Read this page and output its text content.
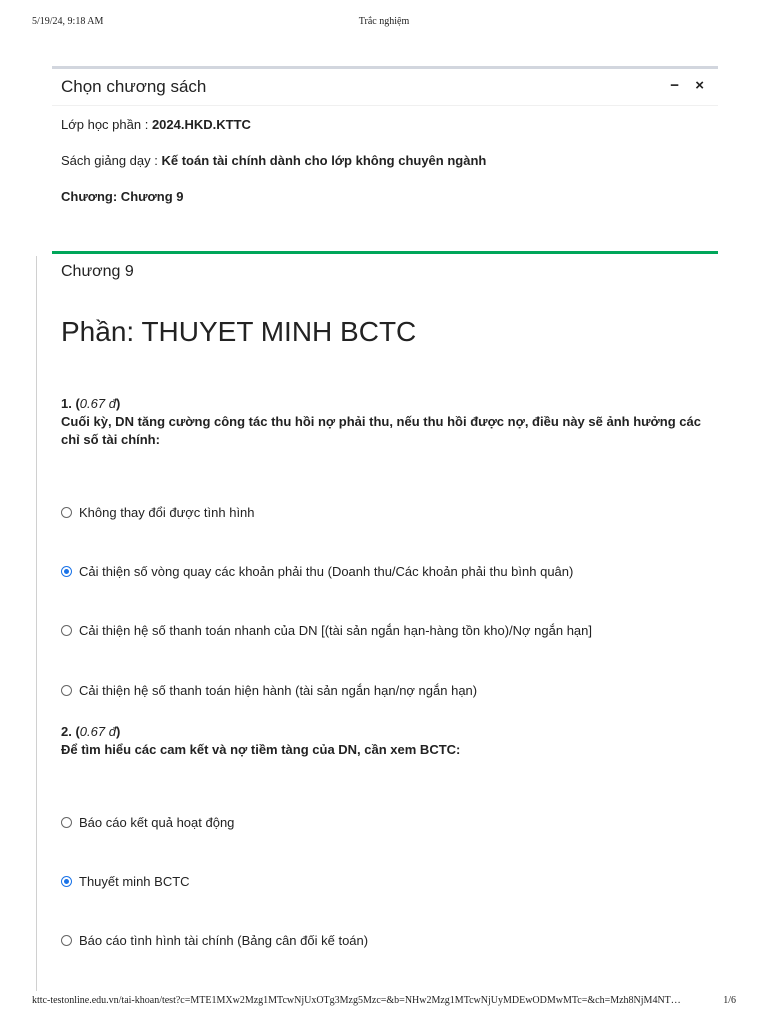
5/19/24, 9:18 AM	Trắc nghiệm
Chọn chương sách	− ×
Lớp học phần : 2024.HKD.KTTC
Sách giảng dạy : Kế toán tài chính dành cho lớp không chuyên ngành
Chương: Chương 9
Chương 9
Phần: THUYET MINH BCTC
1. (0.67 đ)
Cuối kỳ, DN tăng cường công tác thu hồi nợ phải thu, nếu thu hồi được nợ, điều này sẽ ảnh hưởng các chỉ số tài chính:
Không thay đổi được tình hình
Cải thiện số vòng quay các khoản phải thu (Doanh thu/Các khoản phải thu bình quân)
Cải thiện hệ số thanh toán nhanh của DN [(tài sản ngắn hạn-hàng tồn kho)/Nợ ngắn hạn]
Cải thiện hệ số thanh toán hiện hành (tài sản ngắn hạn/nợ ngắn hạn)
2. (0.67 đ)
Để tìm hiểu các cam kết và nợ tiềm tàng của DN, cần xem BCTC:
Báo cáo kết quả hoạt động
Thuyết minh BCTC
Báo cáo tình hình tài chính (Bảng cân đối kế toán)
kttc-testonline.edu.vn/tai-khoan/test?c=MTE1MXw2Mzg1MTcwNjUxOTg3Mzg5Mzc=&b=NHw2Mzg1MTcwNjUyMDEwODMwMTc=&ch=Mzh8NjM4NT…	1/6
